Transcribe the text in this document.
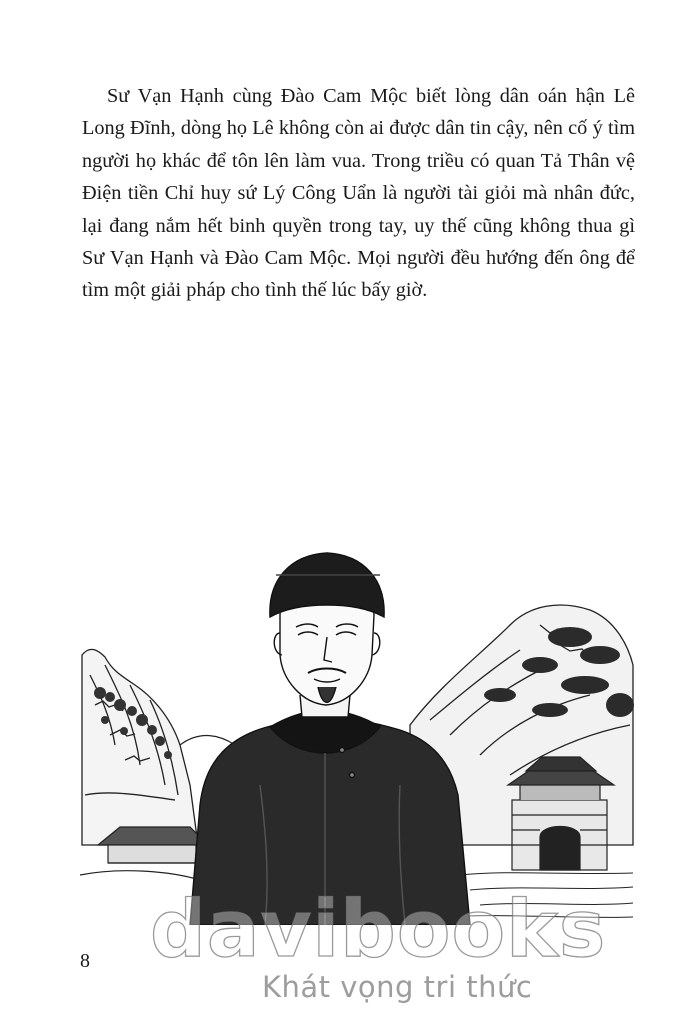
Sư Vạn Hạnh cùng Đào Cam Mộc biết lòng dân oán hận Lê Long Đĩnh, dòng họ Lê không còn ai được dân tin cậy, nên cố ý tìm người họ khác để tôn lên làm vua. Trong triều có quan Tả Thân vệ Điện tiền Chỉ huy sứ Lý Công Uẩn là người tài giỏi mà nhân đức, lại đang nắm hết binh quyền trong tay, uy thế cũng không thua gì Sư Vạn Hạnh và Đào Cam Mộc. Mọi người đều hướng đến ông để tìm một giải pháp cho tình thế lúc bấy giờ.

8 davibooks
Khát vọng tri thức
